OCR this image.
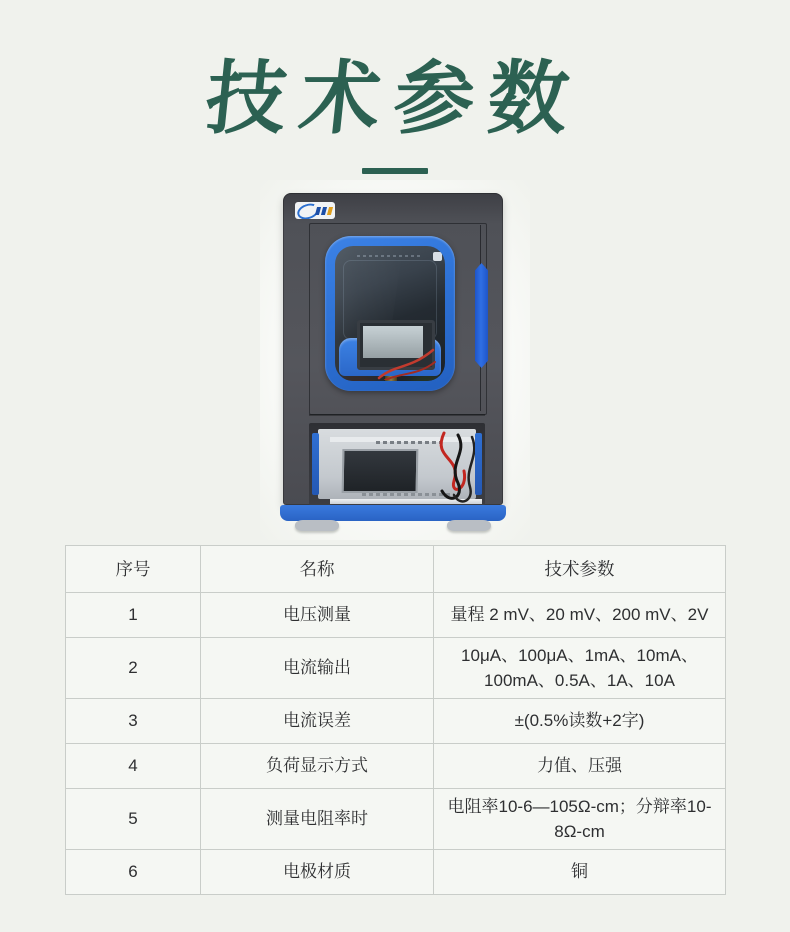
技术参数
序号	名称	技术参数
1	电压测量	量程 2 mV、20 mV、200 mV、2V
2	电流输出	10μA、100μA、1mA、10mA、100mA、0.5A、1A、10A
3	电流误差	±(0.5%读数+2字)
4	负荷显示方式	力值、压强
5	测量电阻率时	电阻率10-6—105Ω-cm；分辩率10-8Ω-cm
6	电极材质	铜
